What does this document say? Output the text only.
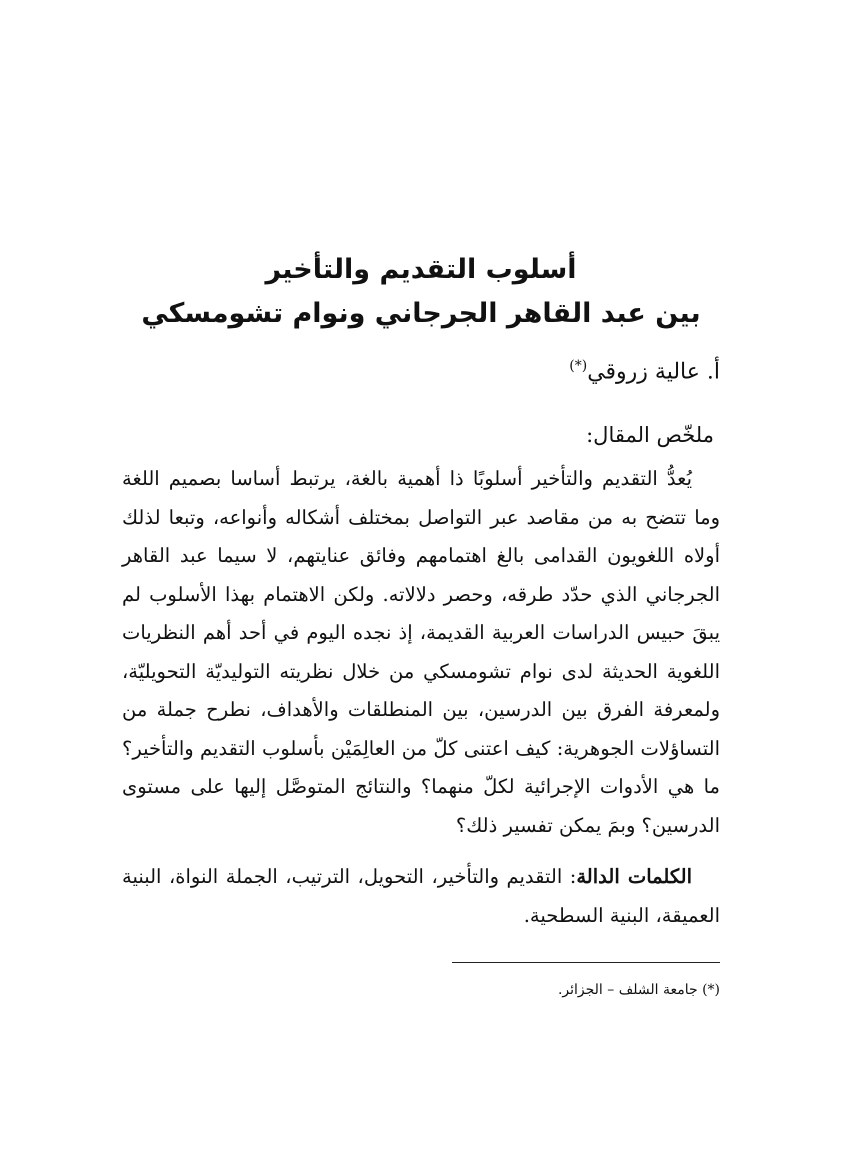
أسلوب التقديم والتأخير
بين عبد القاهر الجرجاني ونوام تشومسكي
أ. عالية زروقي(*)
ملخّص المقال:

يُعدُّ التقديم والتأخير أسلوبًا ذا أهمية بالغة، يرتبط أساسا بصميم اللغة وما تتضح به من مقاصد عبر التواصل بمختلف أشكاله وأنواعه، وتبعا لذلك أولاه اللغويون القدامى بالغ اهتمامهم وفائق عنايتهم، لا سيما عبد القاهر الجرجاني الذي حدّد طرقه، وحصر دلالاته. ولكن الاهتمام بهذا الأسلوب لم يبقَ حبيس الدراسات العربية القديمة، إذ نجده اليوم في أحد أهم النظريات اللغوية الحديثة لدى نوام تشومسكي من خلال نظريته التوليديّة التحويليّة، ولمعرفة الفرق بين الدرسين، بين المنطلقات والأهداف، نطرح جملة من التساؤلات الجوهرية: كيف اعتنى كلّ من العالِمَيْن بأسلوب التقديم والتأخير؟ ما هي الأدوات الإجرائية لكلّ منهما؟ والنتائج المتوصَّل إليها على مستوى الدرسين؟ وبمَ يمكن تفسير ذلك؟

الكلمات الدالة: التقديم والتأخير، التحويل، الترتيب، الجملة النواة، البنية العميقة، البنية السطحية.

(*) جامعة الشلف – الجزائر.
